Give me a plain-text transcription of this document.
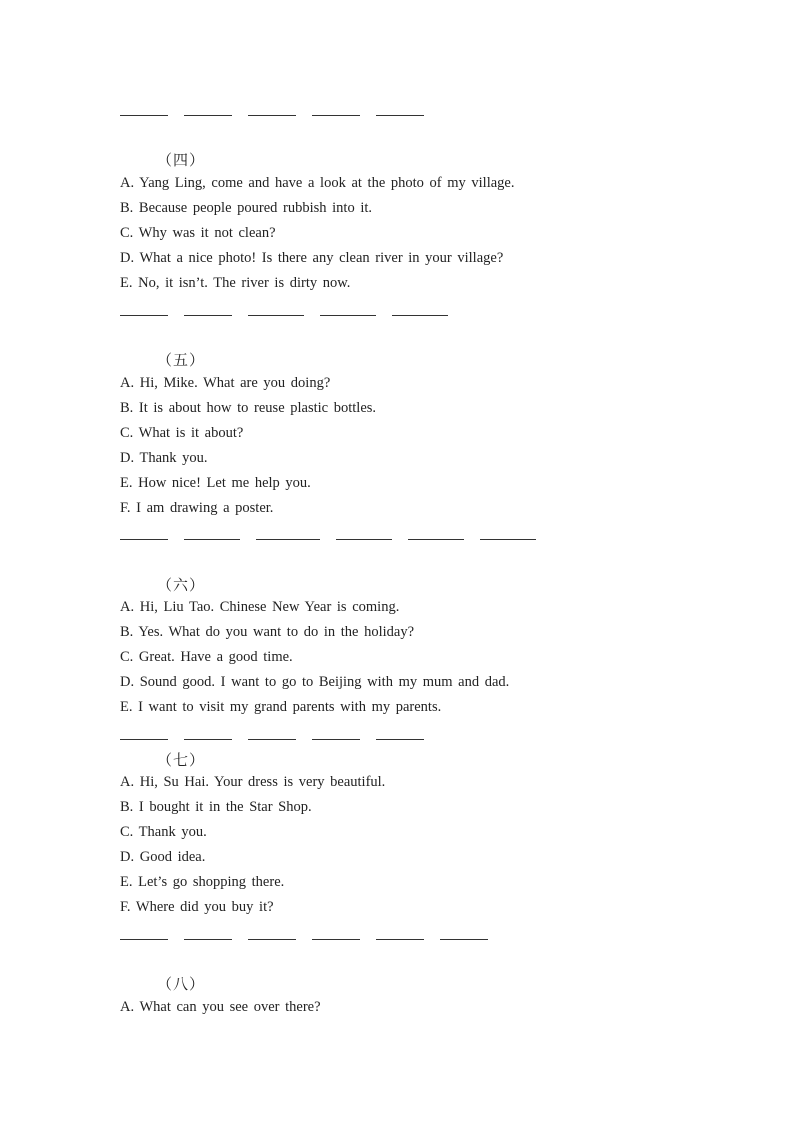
（四）
A. Yang Ling, come and have a look at the photo of my village.
B. Because people poured rubbish into it.
C. Why was it not clean?
D. What a nice photo! Is there any clean river in your village?
E. No, it isn’t. The river is dirty now.
（五）
A. Hi, Mike. What are you doing?
B. It is about how to reuse plastic bottles.
C. What is it about?
D. Thank you.
E. How nice! Let me help you.
F. I am drawing a poster.
（六）
A. Hi, Liu Tao. Chinese New Year is coming.
B. Yes. What do you want to do in the holiday?
C. Great. Have a good time.
D. Sound good. I want to go to Beijing with my mum and dad.
E. I want to visit my grand parents with my parents.
（七）
A. Hi, Su Hai. Your dress is very beautiful.
B. I bought it in the Star Shop.
C. Thank you.
D. Good idea.
E. Let’s go shopping there.
F. Where did you buy it?
（八）
A. What can you see over there?
